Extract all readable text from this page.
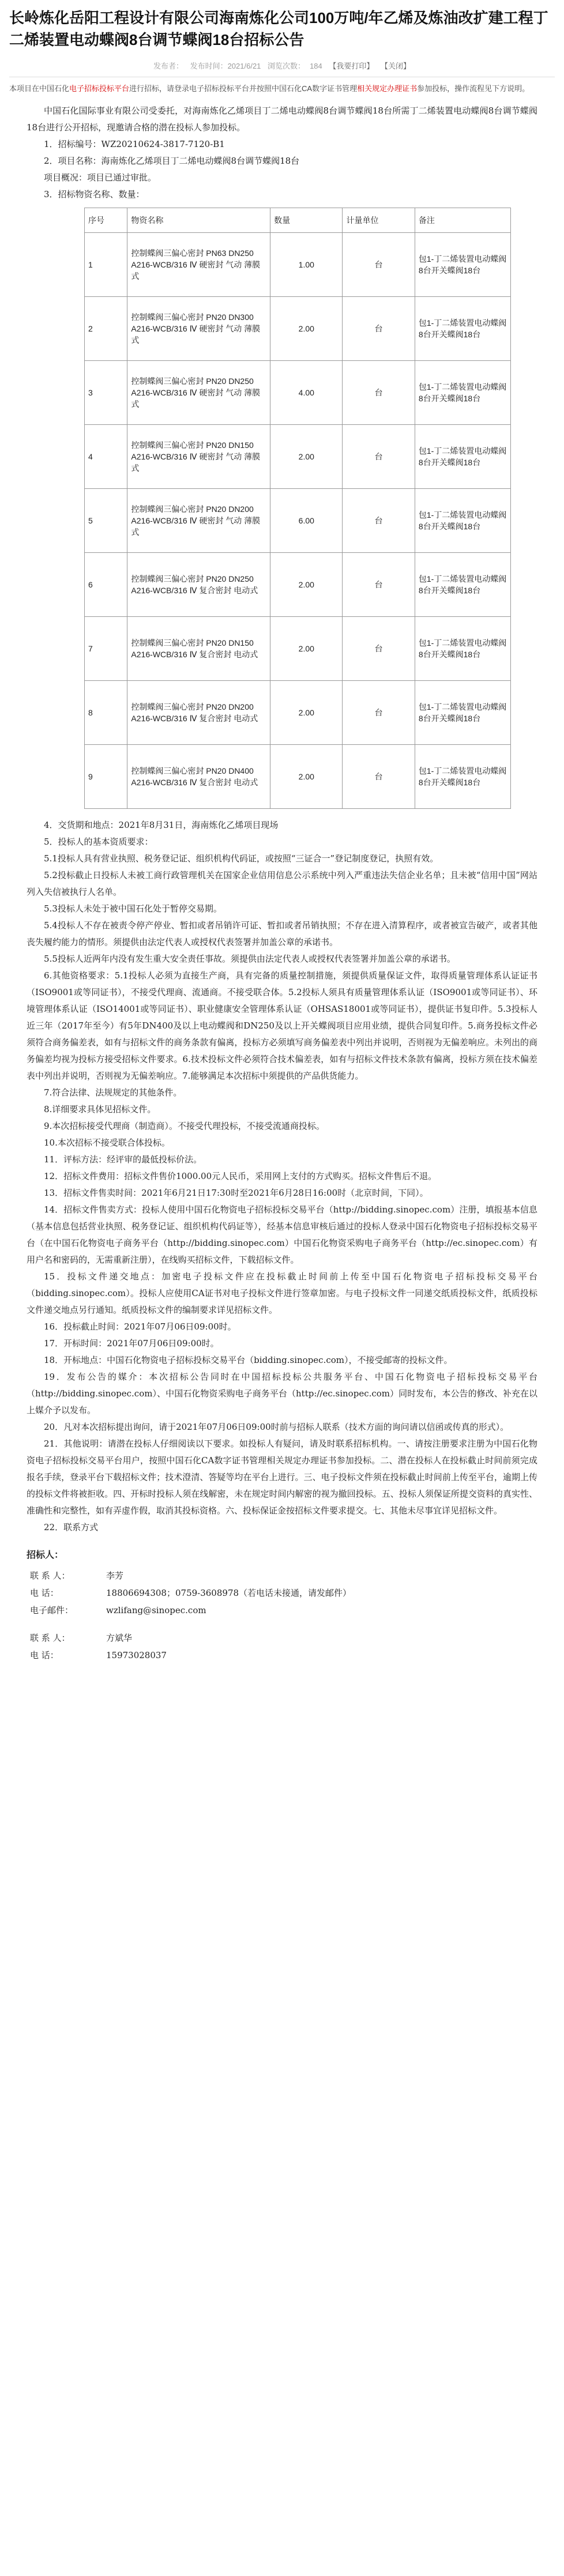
长岭炼化岳阳工程设计有限公司海南炼化公司100万吨/年乙烯及炼油改扩建工程丁二烯装置电动蝶阀8台调节蝶阀18台招标公告
发布者： 发布时间：2021/6/21 浏览次数： 184 【我要打印】 【关闭】
本项目在中国石化电子招标投标平台进行招标，请登录电子招标投标平台并按照中国石化CA数字证书管理相关规定办理证书参加投标，操作流程见下方说明。

中国石化国际事业有限公司受委托，对海南炼化乙烯项目丁二烯电动蝶阀8台调节蝶阀18台所需丁二烯装置电动蝶阀8台调节蝶阀18台进行公开招标，现邀请合格的潜在投标人参加投标。

1．招标编号：WZ20210624-3817-7120-B1

2．项目名称：海南炼化乙烯项目丁二烯电动蝶阀8台调节蝶阀18台

项目概况：项目已通过审批。

3．招标物资名称、数量：

序号	物资名称	数量	计量单位	备注
1	控制蝶阀三偏心密封 PN63 DN250 A216-WCB/316 Ⅳ 硬密封 气动 薄膜式	1.00	台	包1-丁二烯装置电动蝶阀8台开关蝶阀18台
2	控制蝶阀三偏心密封 PN20 DN300 A216-WCB/316 Ⅳ 硬密封 气动 薄膜式	2.00	台	包1-丁二烯装置电动蝶阀8台开关蝶阀18台
3	控制蝶阀三偏心密封 PN20 DN250 A216-WCB/316 Ⅳ 硬密封 气动 薄膜式	4.00	台	包1-丁二烯装置电动蝶阀8台开关蝶阀18台
4	控制蝶阀三偏心密封 PN20 DN150 A216-WCB/316 Ⅳ 硬密封 气动 薄膜式	2.00	台	包1-丁二烯装置电动蝶阀8台开关蝶阀18台
5	控制蝶阀三偏心密封 PN20 DN200 A216-WCB/316 Ⅳ 硬密封 气动 薄膜式	6.00	台	包1-丁二烯装置电动蝶阀8台开关蝶阀18台
6	控制蝶阀三偏心密封 PN20 DN250 A216-WCB/316 Ⅳ 复合密封 电动式	2.00	台	包1-丁二烯装置电动蝶阀8台开关蝶阀18台
7	控制蝶阀三偏心密封 PN20 DN150 A216-WCB/316 Ⅳ 复合密封 电动式	2.00	台	包1-丁二烯装置电动蝶阀8台开关蝶阀18台
8	控制蝶阀三偏心密封 PN20 DN200 A216-WCB/316 Ⅳ 复合密封 电动式	2.00	台	包1-丁二烯装置电动蝶阀8台开关蝶阀18台
9	控制蝶阀三偏心密封 PN20 DN400 A216-WCB/316 Ⅳ 复合密封 电动式	2.00	台	包1-丁二烯装置电动蝶阀8台开关蝶阀18台

4．交货期和地点：2021年8月31日，海南炼化乙烯项目现场

5．投标人的基本资质要求：

5.1投标人具有营业执照、税务登记证、组织机构代码证，或按照“三证合一”登记制度登记，执照有效。

5.2投标截止日投标人未被工商行政管理机关在国家企业信用信息公示系统中列入严重违法失信企业名单；且未被“信用中国”网站列入失信被执行人名单。

5.3投标人未处于被中国石化处于暂停交易期。

5.4投标人不存在被责令停产停业、暂扣或者吊销许可证、暂扣或者吊销执照；不存在进入清算程序，或者被宣告破产，或者其他丧失履约能力的情形。须提供由法定代表人或授权代表签署并加盖公章的承诺书。

5.5投标人近两年内没有发生重大安全责任事故。须提供由法定代表人或授权代表签署并加盖公章的承诺书。

6.其他资格要求：5.1投标人必须为直接生产商，具有完备的质量控制措施，须提供质量保证文件，取得质量管理体系认证证书（ISO9001或等同证书），不接受代理商、流通商。不接受联合体。5.2投标人须具有质量管理体系认证（ISO9001或等同证书）、环境管理体系认证（ISO14001或等同证书）、职业健康安全管理体系认证（OHSAS18001或等同证书），提供证书复印件。5.3投标人近三年（2017年至今）有5年DN400及以上电动蝶阀和DN250及以上开关蝶阀项目应用业绩，提供合同复印件。5.商务投标文件必须符合商务偏差表，如有与招标文件的商务条款有偏离，投标方必须填写商务偏差表中列出并说明，否则视为无偏差响应。未列出的商务偏差均视为投标方接受招标文件要求。6.技术投标文件必须符合技术偏差表，如有与招标文件技术条款有偏离，投标方须在技术偏差表中列出并说明，否则视为无偏差响应。7.能够满足本次招标中须提供的产品供货能力。

7.符合法律、法规规定的其他条件。

8.详细要求具体见招标文件。

9.本次招标接受代理商（制造商）。不接受代理投标，不接受流通商投标。

10.本次招标不接受联合体投标。

11．评标方法：经评审的最低投标价法。

12．招标文件费用：招标文件售价1000.00元人民币，采用网上支付的方式购买。招标文件售后不退。

13．招标文件售卖时间：2021年6月21日17:30时至2021年6月28日16:00时（北京时间，下同）。

14．招标文件售卖方式：投标人使用中国石化物资电子招标投标交易平台（http://bidding.sinopec.com）注册，填报基本信息（基本信息包括营业执照、税务登记证、组织机构代码证等），经基本信息审核后通过的投标人登录中国石化物资电子招标投标交易平台（在中国石化物资电子商务平台（http://bidding.sinopec.com）中国石化物资采购电子商务平台（http://ec.sinopec.com）有用户名和密码的，无需重新注册），在线购买招标文件，下载招标文件。

15．投标文件递交地点：加密电子投标文件应在投标截止时间前上传至中国石化物资电子招标投标交易平台（bidding.sinopec.com）。投标人应使用CA证书对电子投标文件进行签章加密。与电子投标文件一同递交纸质投标文件，纸质投标文件递交地点另行通知。纸质投标文件的编制要求详见招标文件。

16．投标截止时间：2021年07月06日09:00时。

17．开标时间：2021年07月06日09:00时。

18．开标地点：中国石化物资电子招标投标交易平台（bidding.sinopec.com），不接受邮寄的投标文件。

19．发布公告的媒介：本次招标公告同时在中国招标投标公共服务平台、中国石化物资电子招标投标交易平台（http://bidding.sinopec.com）、中国石化物资采购电子商务平台（http://ec.sinopec.com）同时发布，本公告的修改、补充在以上媒介予以发布。

20．凡对本次招标提出询问，请于2021年07月06日09:00时前与招标人联系（技术方面的询问请以信函或传真的形式）。

21．其他说明：请潜在投标人仔细阅读以下要求。如投标人有疑问，请及时联系招标机构。一、请按注册要求注册为中国石化物资电子招标投标交易平台用户，按照中国石化CA数字证书管理相关规定办理证书参加投标。二、潜在投标人在投标截止时间前须完成报名手续，登录平台下载招标文件；技术澄清、答疑等均在平台上进行。三、电子投标文件须在投标截止时间前上传至平台，逾期上传的投标文件将被拒收。四、开标时投标人须在线解密，未在规定时间内解密的视为撤回投标。五、投标人须保证所提交资料的真实性、准确性和完整性，如有弄虚作假，取消其投标资格。六、投标保证金按招标文件要求提交。七、其他未尽事宜详见招标文件。

22．联系方式

招标人：
联 系 人：	李芳
电 话：	18806694308；0759-3608978（若电话未接通，请发邮件）
电子邮件：	wzlifang@sinopec.com

联 系 人：	方斌华
电 话：	15973028037
